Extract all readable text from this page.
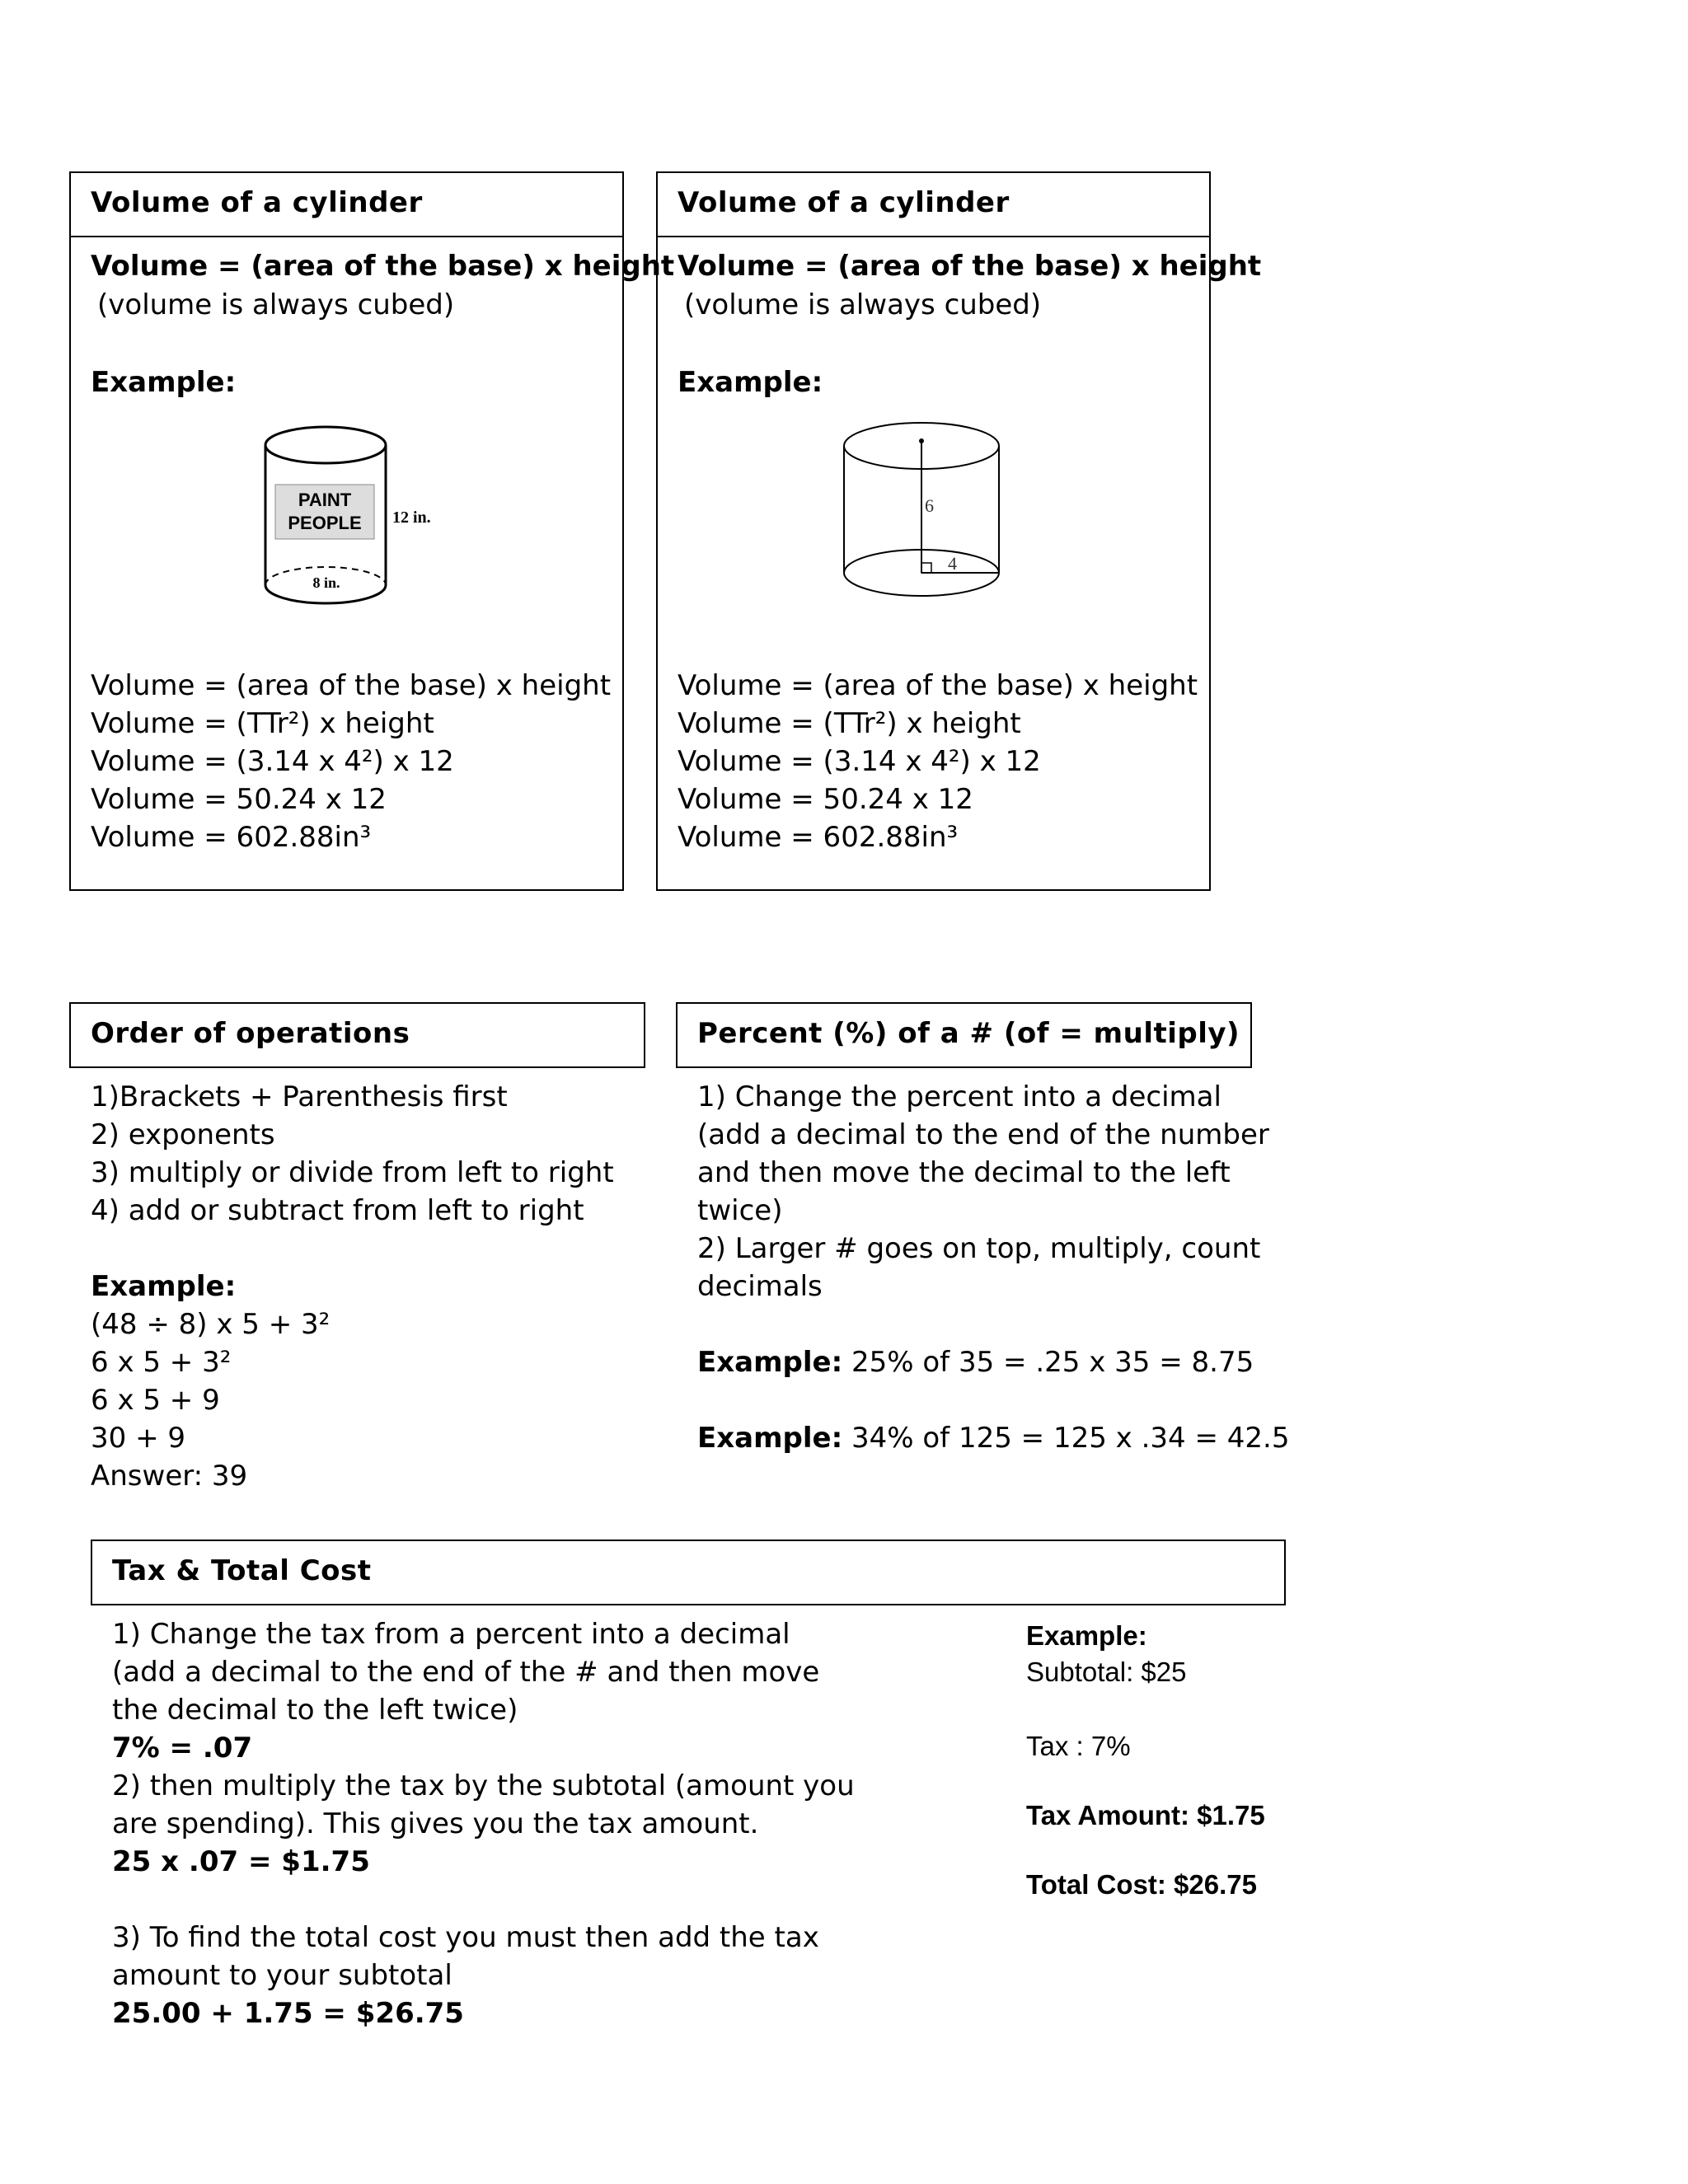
Volume of a cylinder
Volume = (area of the base) x height
(volume is always cubed)
Example:
PAINT
PEOPLE 12 in.
8 in.
Volume = (area of the base) x height
Volume = (TTr²) x height
Volume = (3.14 x 4²) x 12
Volume = 50.24 x 12
Volume = 602.88in³
Volume of a cylinder
Volume = (area of the base) x height
(volume is always cubed)
Example:
6
4
Volume = (area of the base) x height
Volume = (TTr²) x height
Volume = (3.14 x 4²) x 12
Volume = 50.24 x 12
Volume = 602.88in³
Order of operations
1)Brackets + Parenthesis first
2) exponents
3) multiply or divide from left to right
4) add or subtract from left to right
Example:
(48 ÷ 8) x 5 + 3²
6 x 5 + 3²
6 x 5 + 9
30 + 9
Answer: 39
Percent (%) of a # (of = multiply)
1) Change the percent into a decimal
(add a decimal to the end of the number
and then move the decimal to the left
twice)
2) Larger # goes on top, multiply, count
decimals
Example: 25% of 35 = .25 x 35 = 8.75
Example: 34% of 125 = 125 x .34 = 42.5
Tax & Total Cost
1) Change the tax from a percent into a decimal
(add a decimal to the end of the # and then move
the decimal to the left twice)
7% = .07
2) then multiply the tax by the subtotal (amount you
are spending). This gives you the tax amount.
25 x .07 = $1.75
3) To find the total cost you must then add the tax
amount to your subtotal
25.00 + 1.75 = $26.75
Example:
Subtotal: $25
Tax : 7%
Tax Amount: $1.75
Total Cost: $26.75
